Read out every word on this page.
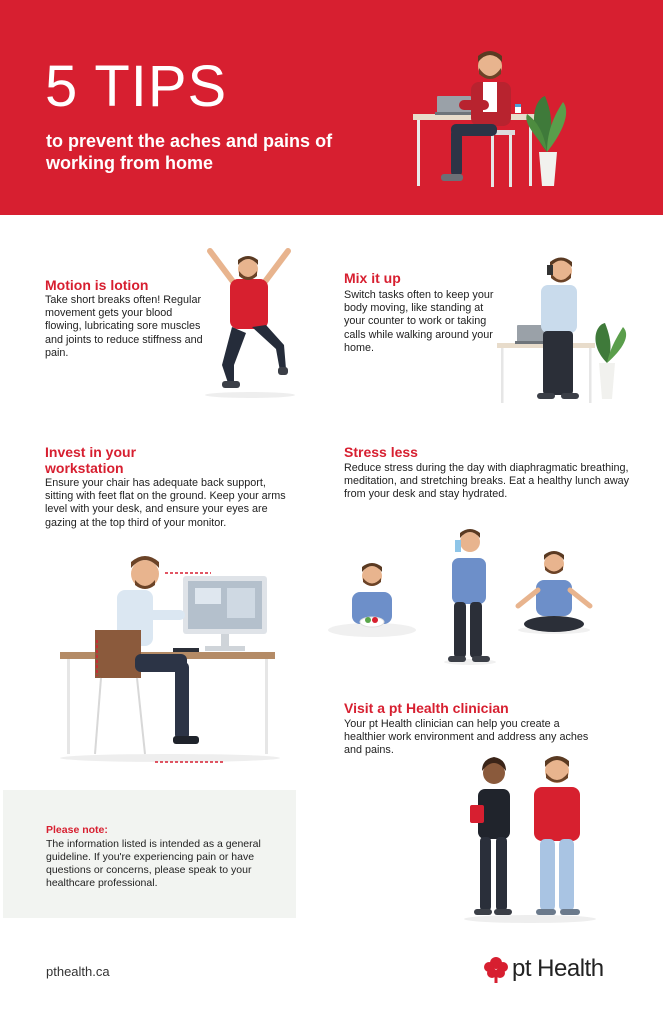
5 TIPS
to prevent the aches and pains of working from home
Motion is lotion
Take short breaks often! Regular movement gets your blood flowing, lubricating sore muscles and joints to reduce stiffness and pain.
Mix it up
Switch tasks often to keep your body moving, like standing at your counter to work or taking calls while walking around your home.
Invest in your workstation
Ensure your chair has adequate back support, sitting with feet flat on the ground. Keep your arms level with your desk, and ensure your eyes are gazing at the top third of your monitor.
Stress less
Reduce stress during the day with diaphragmatic breathing, meditation, and stretching breaks. Eat a healthy lunch away from your desk and stay hydrated.
Visit a pt Health clinician
Your pt Health clinician can help you create a healthier work environment and address any aches and pains.
Please note:
The information listed is intended as a general guideline. If you're experiencing pain or have questions or concerns, please speak to your healthcare professional.
pthealth.ca	pt Health
